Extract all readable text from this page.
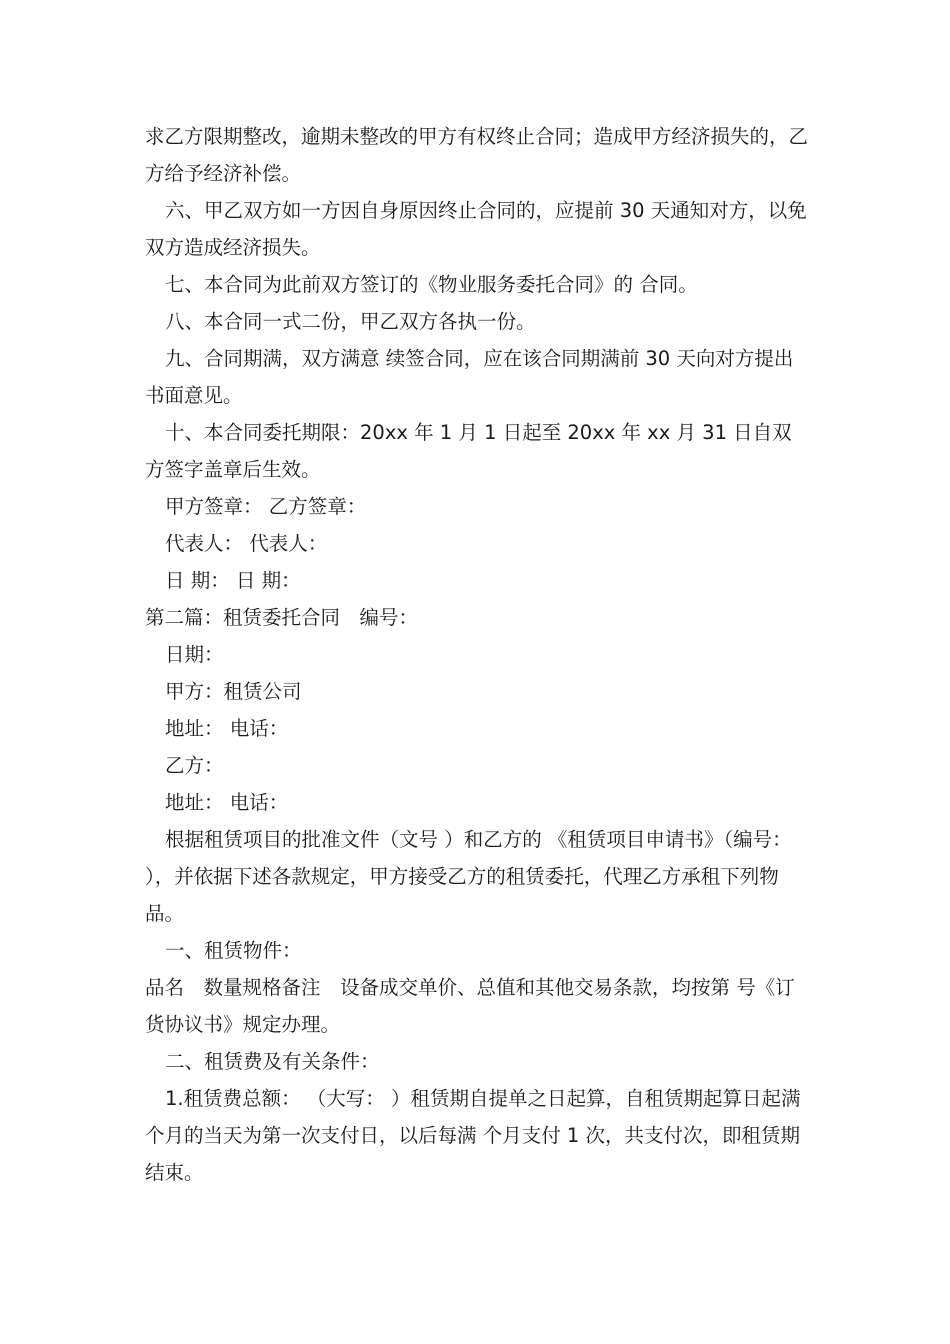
求乙方限期整改，逾期未整改的甲方有权终止合同；造成甲方经济损失的，乙方给予经济补偿。

六、甲乙双方如一方因自身原因终止合同的，应提前 30 天通知对方，以免双方造成经济损失。

七、本合同为此前双方签订的《物业服务委托合同》的 合同。

八、本合同一式二份，甲乙双方各执一份。

九、合同期满，双方满意 续签合同，应在该合同期满前 30 天向对方提出书面意见。

十、本合同委托期限：20xx 年 1 月 1 日起至 20xx 年 xx 月 31 日自双方签字盖章后生效。

甲方签章： 乙方签章：

代表人： 代表人：

日 期： 日 期：

第二篇：租赁委托合同　编号：

日期：

甲方：租赁公司

地址： 电话：

乙方：

地址： 电话：

根据租赁项目的批准文件（文号 ）和乙方的 《租赁项目申请书》（编号： ），并依据下述各款规定，甲方接受乙方的租赁委托，代理乙方承租下列物品。

一、租赁物件：

品名　数量规格备注　设备成交单价、总值和其他交易条款，均按第 号《订货协议书》规定办理。

二、租赁费及有关条件：

1.租赁费总额： （大写： ）租赁期自提单之日起算，自租赁期起算日起满 个月的当天为第一次支付日，以后每满 个月支付 1 次，共支付次，即租赁期结束。
